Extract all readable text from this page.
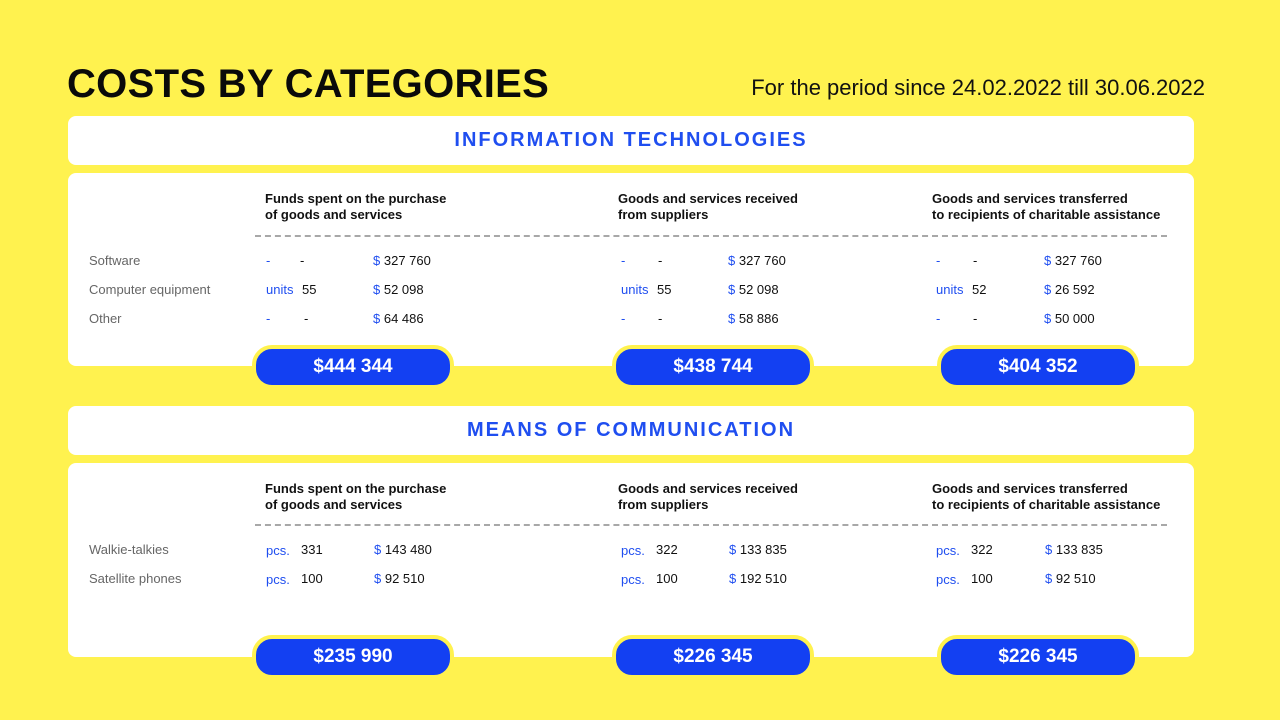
COSTS BY CATEGORIES	For the period since 24.02.2022 till 30.06.2022
INFORMATION TECHNOLOGIES
Funds spent on the purchase
of goods and services
Goods and services received
from suppliers
Goods and services transferred
to recipients of charitable assistance
Software	- -	$ 327 760	-	-	$ 327 760	-	-	$ 327 760
Computer equipment	units 55	$ 52 098	units 55	$ 52 098	units 52	$ 26 592
Other	-	-	$ 64 486	-	-	$ 58 886	-	-	$ 50 000
$444 344	$438 744	$404 352
MEANS OF COMMUNICATION
Funds spent on the purchase
of goods and services
Goods and services received
from suppliers
Goods and services transferred
to recipients of charitable assistance
Walkie-talkies	pcs. 331	$ 143 480	pcs. 322	$ 133 835	pcs. 322	$ 133 835
Satellite phones	pcs. 100	$ 92 510	pcs. 100	$ 192 510	pcs. 100	$ 92 510
$235 990	$226 345	$226 345
